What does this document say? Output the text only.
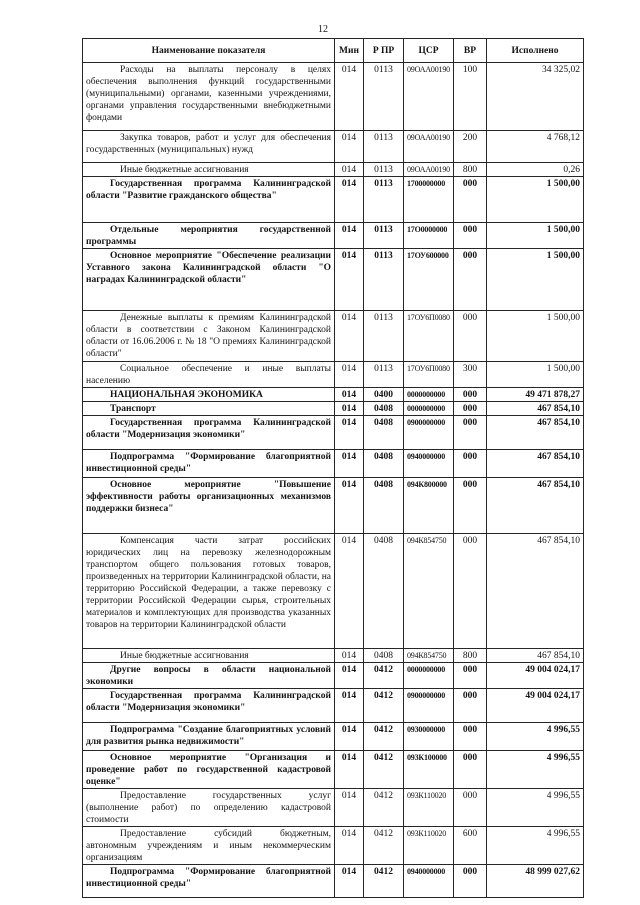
12
Наименование показателя	Мин	Р ПР	ЦСР	ВР	Исполнено
Расходы на выплаты персоналу в целях обеспечения выполнения функций государственными (муниципальными) органами, казенными учреждениями, органами управления государственными внебюджетными фондами	014	0113	09ОАА00190	100	34 325,02
Закупка товаров, работ и услуг для обеспечения государственных (муниципальных) нужд	014	0113	09ОАА00190	200	4 768,12
Иные бюджетные ассигнования	014	0113	09ОАА00190	800	0,26
Государственная программа Калининградской области "Развитие гражданского общества"	014	0113	1700000000	000	1 500,00
Отдельные мероприятия государственной программы	014	0113	17О0000000	000	1 500,00
Основное мероприятие "Обеспечение реализации Уставного закона Калининградской области "О наградах Калининградской области"	014	0113	17ОУ600000	000	1 500,00
Денежные выплаты к премиям Калининградской области в соответствии с Законом Калининградской области от 16.06.2006 г. № 18 "О премиях Калининградской области"	014	0113	17ОУ6П0080	000	1 500,00
Социальное обеспечение и иные выплаты населению	014	0113	17ОУ6П0080	300	1 500,00
НАЦИОНАЛЬНАЯ ЭКОНОМИКА	014	0400	0000000000	000	49 471 878,27
Транспорт	014	0408	0000000000	000	467 854,10
Государственная программа Калининградской области "Модернизация экономики"	014	0408	0900000000	000	467 854,10
Подпрограмма "Формирование благоприятной инвестиционной среды"	014	0408	0940000000	000	467 854,10
Основное мероприятие "Повышение эффективности работы организационных механизмов поддержки бизнеса"	014	0408	094К800000	000	467 854,10
Компенсация части затрат российских юридических лиц на перевозку железнодорожным транспортом общего пользования готовых товаров, произведенных на территории Калининградской области, на территорию Российской Федерации, а также перевозку с территории Российской Федерации сырья, строительных материалов и комплектующих для производства указанных товаров на территории Калининградской области	014	0408	094К854750	000	467 854,10
Иные бюджетные ассигнования	014	0408	094К854750	800	467 854,10
Другие вопросы в области национальной экономики	014	0412	0000000000	000	49 004 024,17
Государственная программа Калининградской области "Модернизация экономики"	014	0412	0900000000	000	49 004 024,17
Подпрограмма "Создание благоприятных условий для развития рынка недвижимости"	014	0412	0930000000	000	4 996,55
Основное мероприятие "Организация и проведение работ по государственной кадастровой оценке"	014	0412	093К100000	000	4 996,55
Предоставление государственных услуг (выполнение работ) по определению кадастровой стоимости	014	0412	093К110020	000	4 996,55
Предоставление субсидий бюджетным, автономным учреждениям и иным некоммерческим организациям	014	0412	093К110020	600	4 996,55
Подпрограмма "Формирование благоприятной инвестиционной среды"	014	0412	0940000000	000	48 999 027,62
